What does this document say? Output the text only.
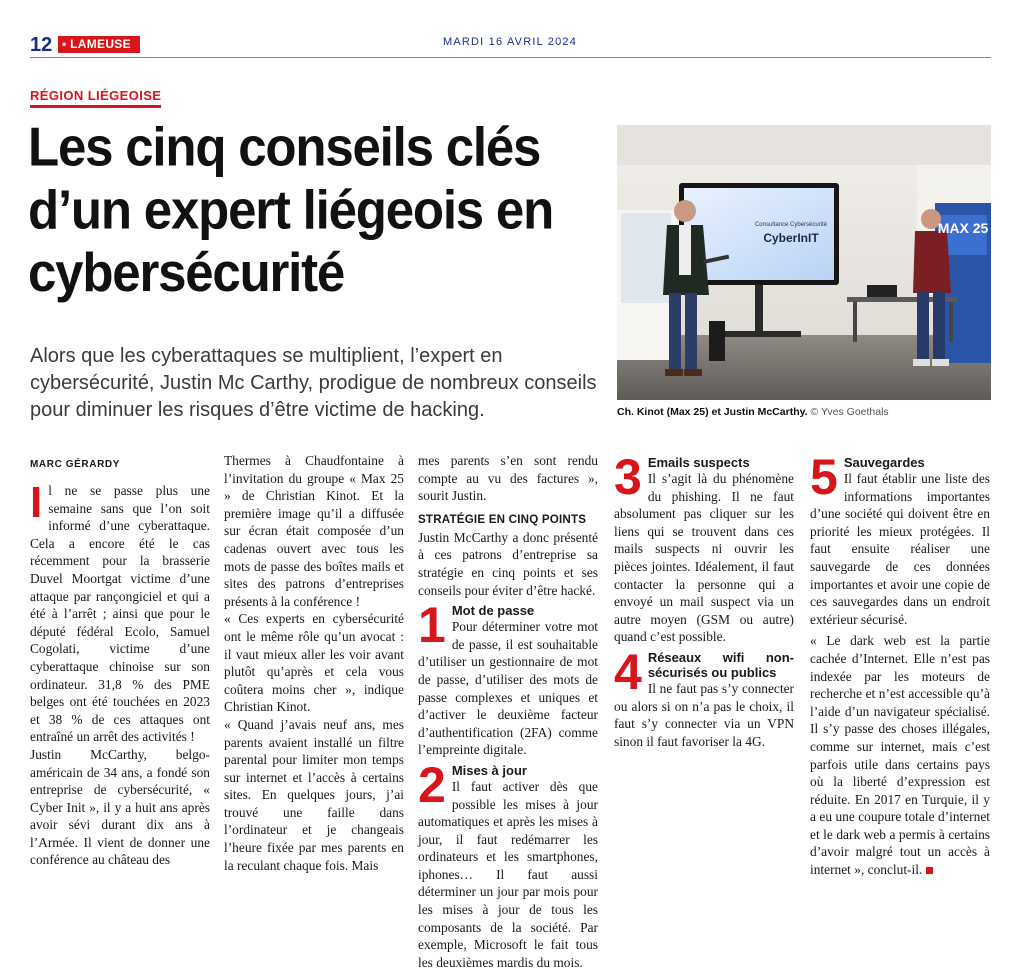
12 • LAMEUSE	MARDI 16 AVRIL 2024
RÉGION LIÉGEOISE
Les cinq conseils clés d’un expert liégeois en cybersécurité

Alors que les cyberattaques se multiplient, l’expert en cybersécurité, Justin Mc Carthy, prodigue de nombreux conseils pour diminuer les risques d’être victime de hacking.

Consultance Cybersécurité
CyberInIT
MAX 25
Ch. Kinot (Max 25) et Justin McCarthy. © Yves Goethals
MARC GÉRARDY

Il ne se passe plus une semaine sans que l’on soit informé d’une cyberattaque. Cela a encore été le cas récemment pour la brasserie Duvel Moortgat victime d’une attaque par rançongiciel et qui a été à l’arrêt ; ainsi que pour le député fédéral Ecolo, Samuel Cogolati, victime d’une cyberattaque chinoise sur son ordinateur. 31,8 % des PME belges ont été touchées en 2023 et 38 % de ces attaques ont entraîné un arrêt des activités !

Justin McCarthy, belgo-américain de 34 ans, a fondé son entreprise de cybersécurité, « Cyber Init », il y a huit ans après avoir sévi durant dix ans à l’Armée. Il vient de donner une conférence au château des

Thermes à Chaudfontaine à l’invitation du groupe « Max 25 » de Christian Kinot. Et la première image qu’il a diffusée sur écran était composée d’un cadenas ouvert avec tous les mots de passe des boîtes mails et sites des patrons d’entreprises présents à la conférence !

« Ces experts en cybersécurité ont le même rôle qu’un avocat : il vaut mieux aller les voir avant plutôt qu’après et cela vous coûtera moins cher », indique Christian Kinot.

« Quand j’avais neuf ans, mes parents avaient installé un filtre parental pour limiter mon temps sur internet et l’accès à certains sites. En quelques jours, j’ai trouvé une faille dans l’ordinateur et je changeais l’heure fixée par mes parents en la reculant chaque fois. Mais

mes parents s’en sont rendu compte au vu des factures », sourit Justin.

STRATÉGIE EN CINQ POINTS

Justin McCarthy a donc présenté à ces patrons d’entreprise sa stratégie en cinq points et ses conseils pour éviter d’être hacké.

1 Mot de passe

Pour déterminer votre mot de passe, il est souhaitable d’utiliser un gestionnaire de mot de passe, d’utiliser des mots de passe complexes et uniques et d’activer le deuxième facteur d’authentification (2FA) comme l’empreinte digitale.

2 Mises à jour

Il faut activer dès que possible les mises à jour automatiques et après les mises à jour, il faut redémarrer les ordinateurs et les smartphones, iphones… Il faut aussi déterminer un jour par mois pour les mises à jour de tous les composants de la société. Par exemple, Microsoft le fait tous les deuxièmes mardis du mois.

3 Emails suspects

Il s’agit là du phénomène du phishing. Il ne faut absolument pas cliquer sur les liens qui se trouvent dans ces mails suspects ni ouvrir les pièces jointes. Idéalement, il faut contacter la personne qui a envoyé un mail suspect via un autre moyen (GSM ou autre) quand c’est possible.

4 Réseaux wifi non-sécurisés ou publics

Il ne faut pas s’y connecter ou alors si on n’a pas le choix, il faut s’y connecter via un VPN sinon il faut favoriser la 4G.

5 Sauvegardes

Il faut établir une liste des informations importantes d’une société qui doivent être en priorité les mieux protégées. Il faut ensuite réaliser une sauvegarde de ces données importantes et avoir une copie de ces sauvegardes dans un endroit extérieur sécurisé.

« Le dark web est la partie cachée d’Internet. Elle n’est pas indexée par les moteurs de recherche et n’est accessible qu’à l’aide d’un navigateur spécialisé. Il s’y passe des choses illégales, comme sur internet, mais c’est parfois utile dans certains pays où la liberté d’expression est réduite. En 2017 en Turquie, il y a eu une coupure totale d’internet et le dark web a permis à certains d’avoir malgré tout un accès à internet », conclut-il.
